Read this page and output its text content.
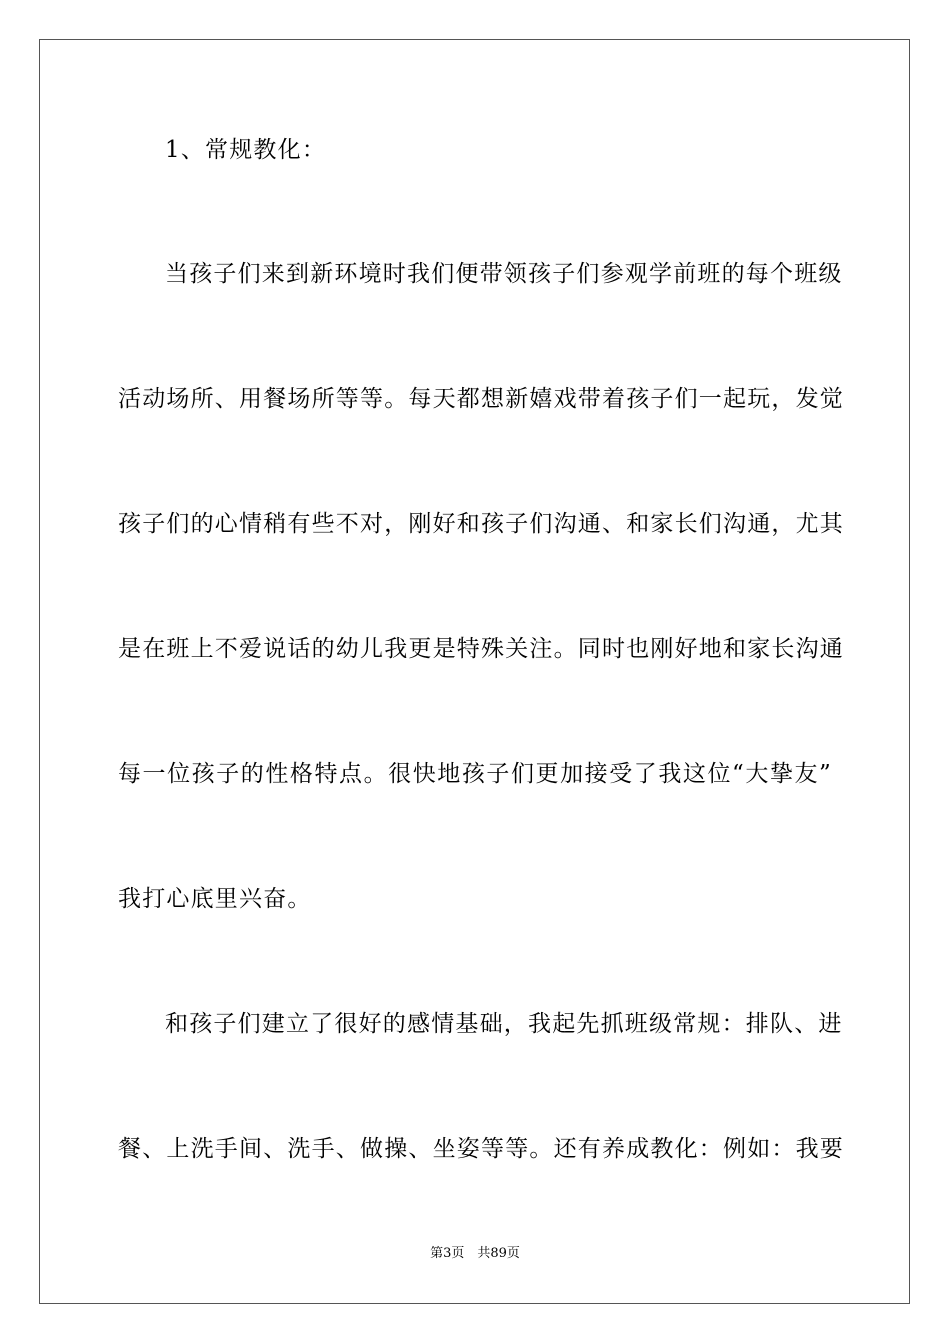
1、常规教化：
当孩子们来到新环境时我们便带领孩子们参观学前班的每个班级
活动场所、用餐场所等等。每天都想新嬉戏带着孩子们一起玩，发觉
孩子们的心情稍有些不对，刚好和孩子们沟通、和家长们沟通，尤其
是在班上不爱说话的幼儿我更是特殊关注。同时也刚好地和家长沟通
每一位孩子的性格特点。很快地孩子们更加接受了我这位“大挚友”
我打心底里兴奋。
和孩子们建立了很好的感情基础，我起先抓班级常规：排队、进
餐、上洗手间、洗手、做操、坐姿等等。还有养成教化：例如：我要
第3页　共89页
